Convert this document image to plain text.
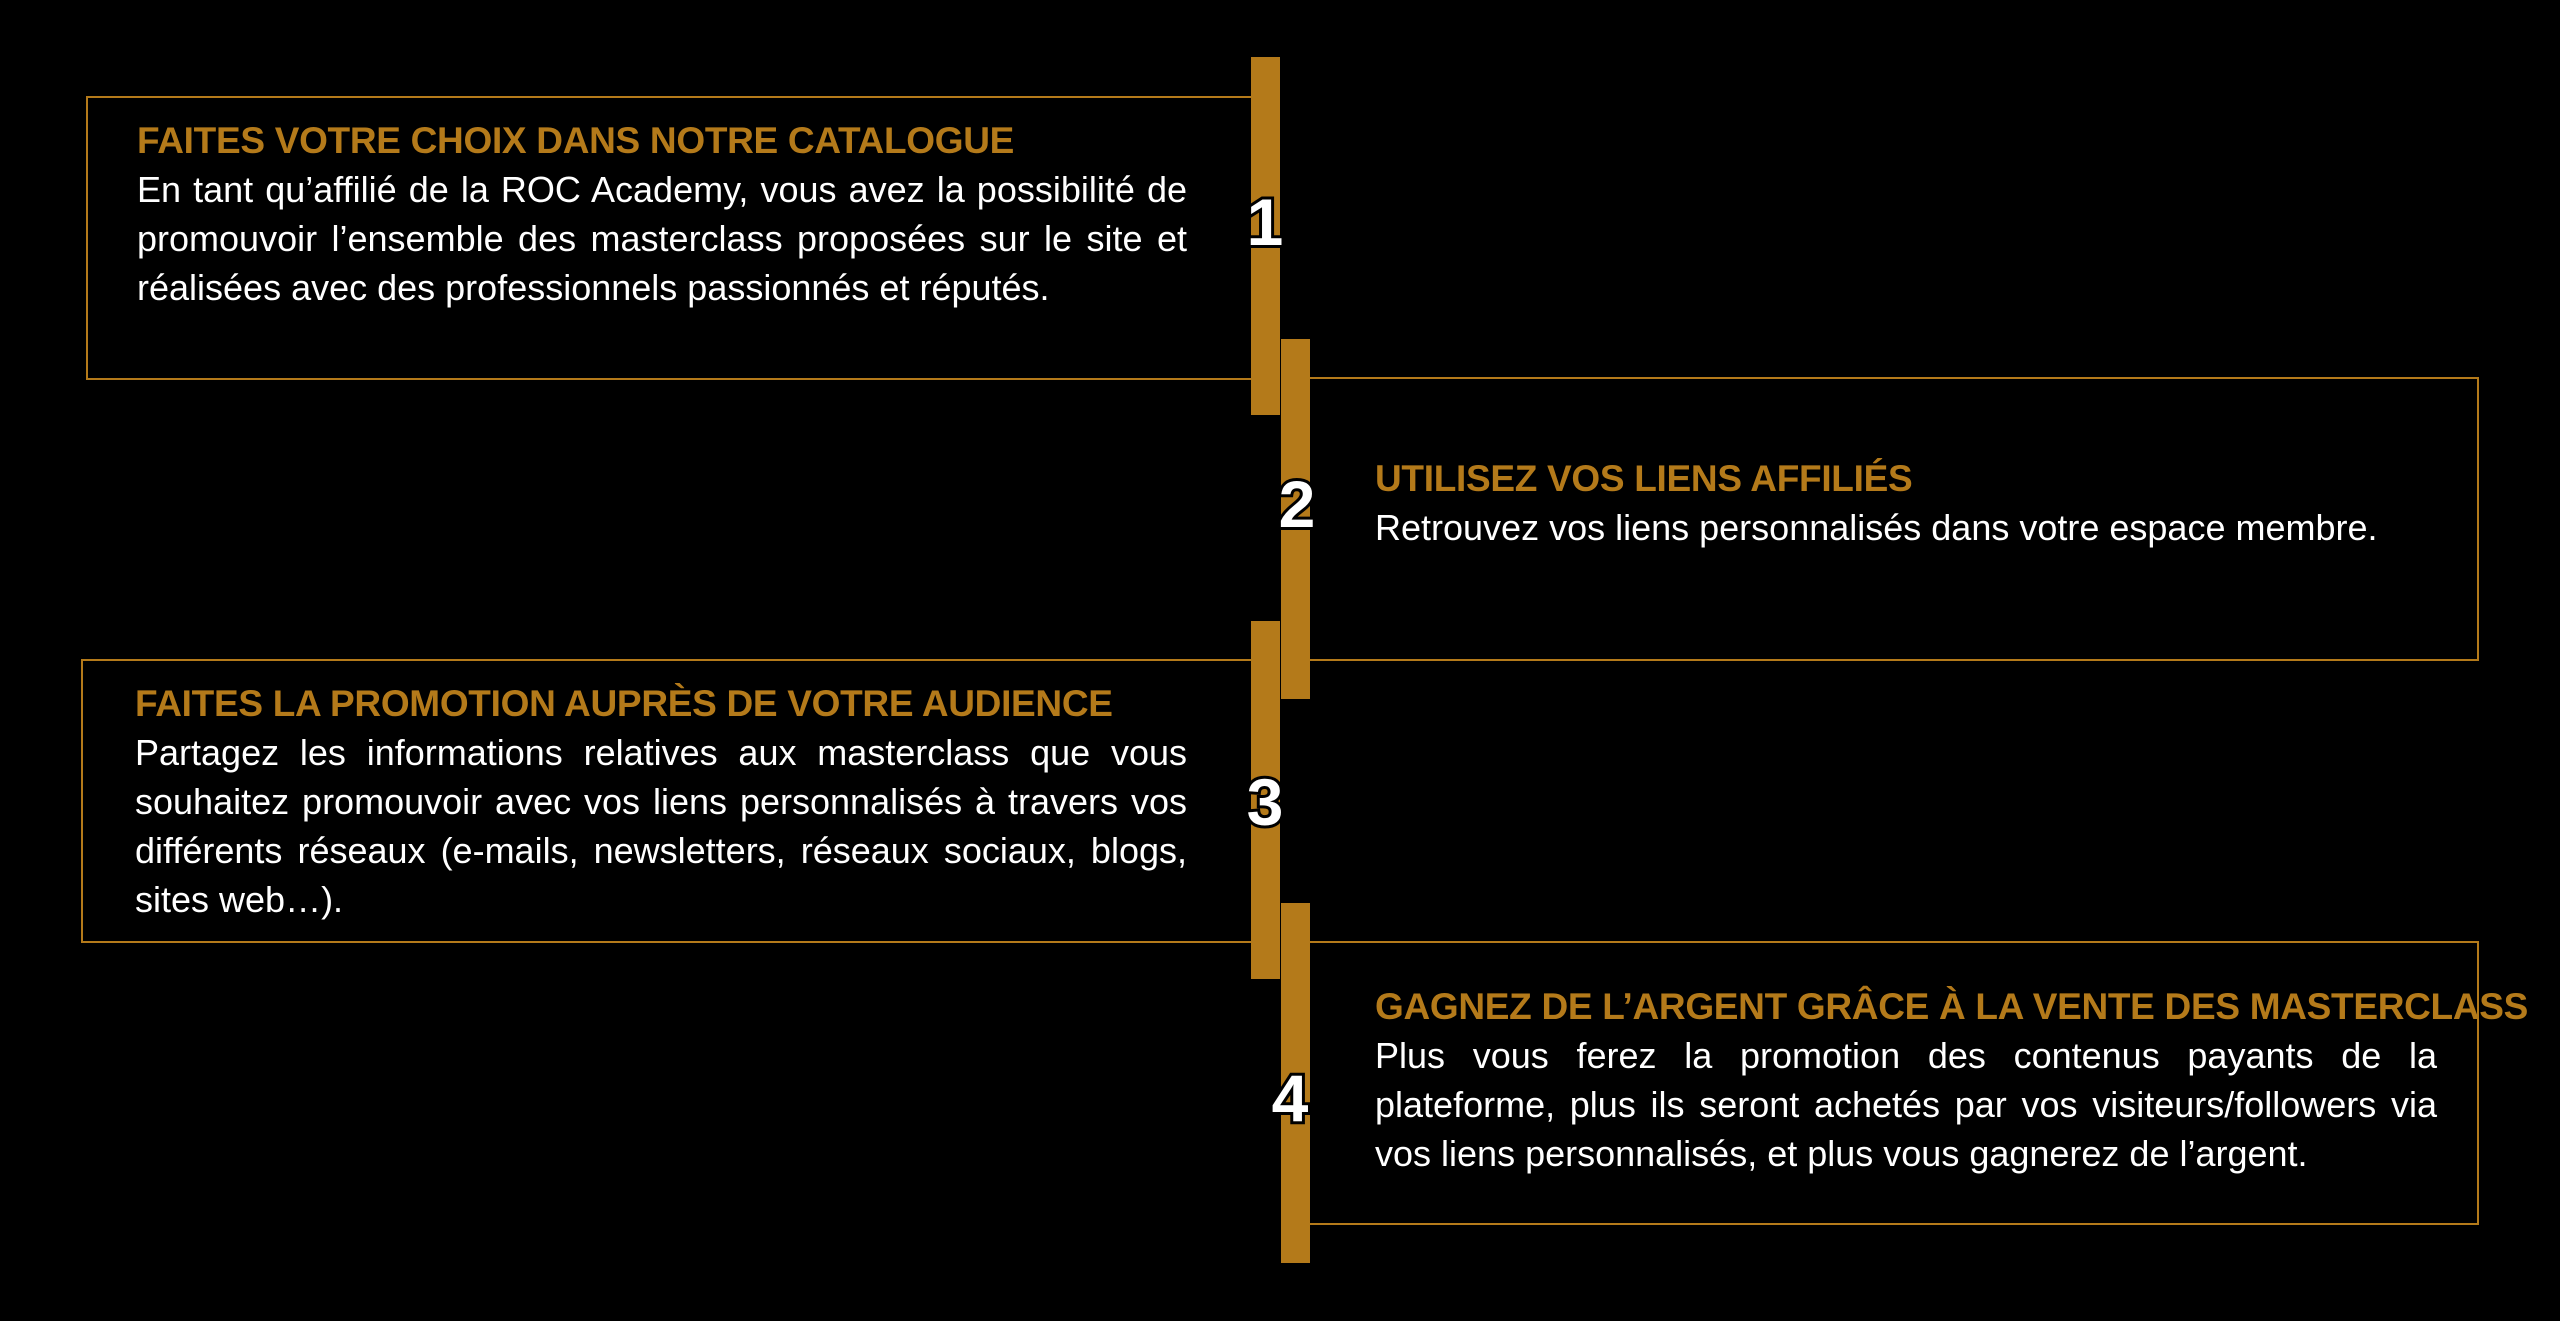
1
2
3
4
FAITES VOTRE CHOIX DANS NOTRE CATALOGUE
En tant qu’affilié de la ROC Academy, vous avez la possibilité de promouvoir l’ensemble des masterclass proposées sur le site et réalisées avec des professionnels passionnés et réputés.
UTILISEZ VOS LIENS AFFILIÉS
Retrouvez vos liens personnalisés dans votre espace membre.
FAITES LA PROMOTION AUPRÈS DE VOTRE AUDIENCE
Partagez les informations relatives aux masterclass que vous souhaitez promouvoir avec vos liens personnalisés à travers vos différents réseaux (e-mails, newsletters, réseaux sociaux, blogs, sites web…).
GAGNEZ DE L’ARGENT GRÂCE À LA VENTE DES MASTERCLASS
Plus vous ferez la promotion des contenus payants de la plateforme, plus ils seront achetés par vos visiteurs/followers via vos liens personnalisés, et plus vous gagnerez de l’argent.
